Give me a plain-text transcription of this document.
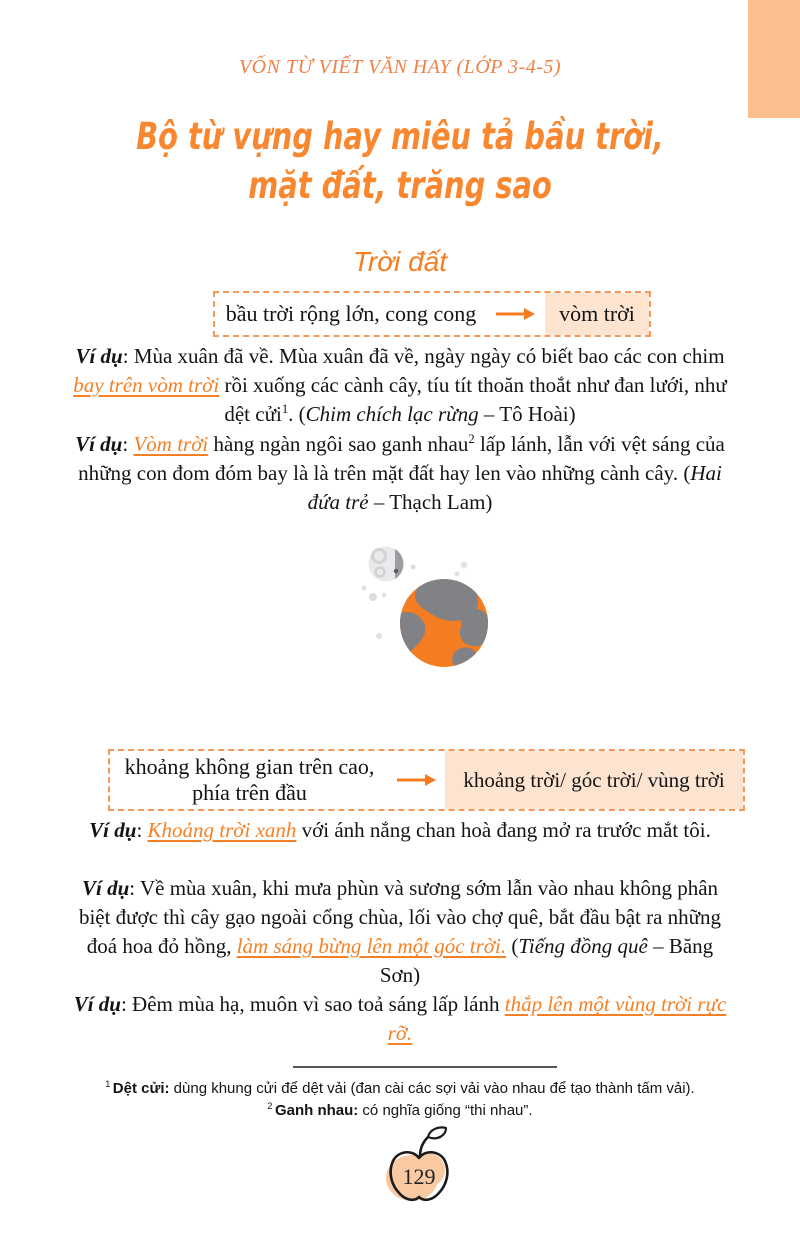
VỐN TỪ VIẾT VĂN HAY (LỚP 3-4-5)
Bộ từ vựng hay miêu tả bầu trời,
mặt đất, trăng sao
Trời đất
bầu trời rộng lớn, cong cong	vòm trời
Ví dụ: Mùa xuân đã về. Mùa xuân đã về, ngày ngày có biết bao các con chim bay trên vòm trời rồi xuống các cành cây, tíu tít thoăn thoắt như đan lưới, như dệt cửi$^1$. (Chim chích lạc rừng – Tô Hoài)
Ví dụ: Vòm trời hàng ngàn ngôi sao ganh nhau$^2$ lấp lánh, lẫn với vệt sáng của những con đom đóm bay là là trên mặt đất hay len vào những cành cây. (Hai đứa trẻ – Thạch Lam)
khoảng không gian trên cao,
phía trên đầu
khoảng trời/ góc trời/ vùng trời
Ví dụ: Khoảng trời xanh với ánh nắng chan hoà đang mở ra trước mắt tôi.
Ví dụ: Về mùa xuân, khi mưa phùn và sương sớm lẫn vào nhau không phân biệt được thì cây gạo ngoài cổng chùa, lối vào chợ quê, bắt đầu bật ra những đoá hoa đỏ hồng, làm sáng bừng lên một góc trời. (Tiếng đồng quê – Băng Sơn)
Ví dụ: Đêm mùa hạ, muôn vì sao toả sáng lấp lánh thắp lên một vùng trời rực rỡ.
$^1$ Dệt cửi: dùng khung cửi để dệt vải (đan cài các sợi vải vào nhau để tạo thành tấm vải).
$^2$ Ganh nhau: có nghĩa giống “thi nhau”.
129
